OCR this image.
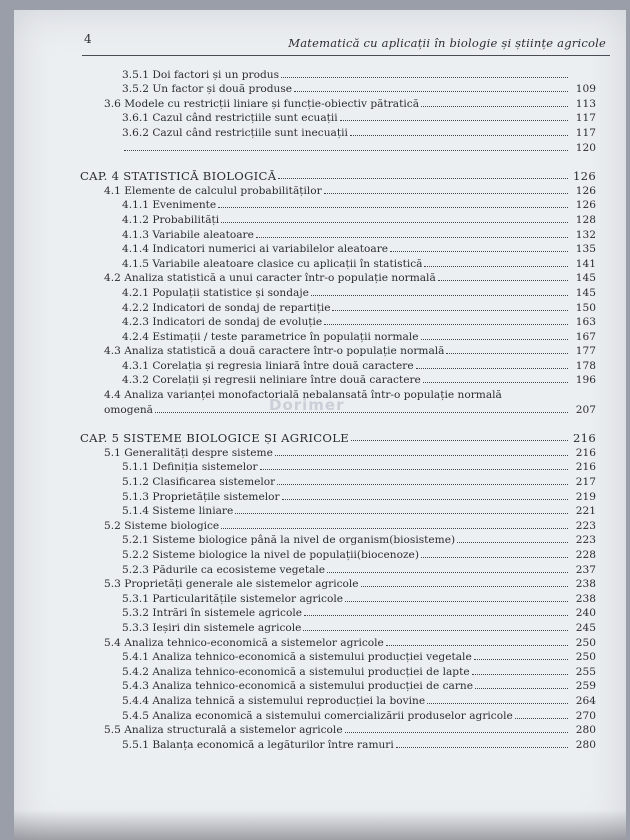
4	Matematică cu aplicații în biologie și științe agricole
Dorimer
3.5.1 Doi factori și un produs
3.5.2 Un factor și două produse	109
3.6 Modele cu restricții liniare și funcție-obiectiv pătratică	113
3.6.1 Cazul când restricțiile sunt ecuații	117
3.6.2 Cazul când restricțiile sunt inecuații	117
120
CAP. 4 STATISTICĂ BIOLOGICĂ	126
4.1 Elemente de calculul probabilităților	126
4.1.1 Evenimente	126
4.1.2 Probabilități	128
4.1.3 Variabile aleatoare	132
4.1.4 Indicatori numerici ai variabilelor aleatoare	135
4.1.5 Variabile aleatoare clasice cu aplicații în statistică	141
4.2 Analiza statistică a unui caracter într-o populație normală	145
4.2.1 Populații statistice și sondaje	145
4.2.2 Indicatori de sondaj de repartiție	150
4.2.3 Indicatori de sondaj de evoluție	163
4.2.4 Estimații / teste parametrice în populații normale	167
4.3 Analiza statistică a două caractere într-o populație normală	177
4.3.1 Corelația și regresia liniară între două caractere	178
4.3.2 Corelații și regresii neliniare între două caractere	196
4.4 Analiza varianței monofactorială nebalansată într-o populație normală
omogenă	207
CAP. 5 SISTEME BIOLOGICE ȘI AGRICOLE	216
5.1 Generalități despre sisteme	216
5.1.1 Definiția sistemelor	216
5.1.2 Clasificarea sistemelor	217
5.1.3 Proprietățile sistemelor	219
5.1.4 Sisteme liniare	221
5.2 Sisteme biologice	223
5.2.1 Sisteme biologice până la nivel de organism(biosisteme)	223
5.2.2 Sisteme biologice la nivel de populații(biocenoze)	228
5.2.3 Pădurile ca ecosisteme vegetale	237
5.3 Proprietăți generale ale sistemelor agricole	238
5.3.1 Particularitățile sistemelor agricole	238
5.3.2 Intrări în sistemele agricole	240
5.3.3 Ieșiri din sistemele agricole	245
5.4 Analiza tehnico-economică a sistemelor agricole	250
5.4.1 Analiza tehnico-economică a sistemului producției vegetale	250
5.4.2 Analiza tehnico-economică a sistemului producției de lapte	255
5.4.3 Analiza tehnico-economică a sistemului producției de carne	259
5.4.4 Analiza tehnică a sistemului reproducției la bovine	264
5.4.5 Analiza economică a sistemului comercializării produselor agricole	270
5.5 Analiza structurală a sistemelor agricole	280
5.5.1 Balanța economică a legăturilor între ramuri	280
